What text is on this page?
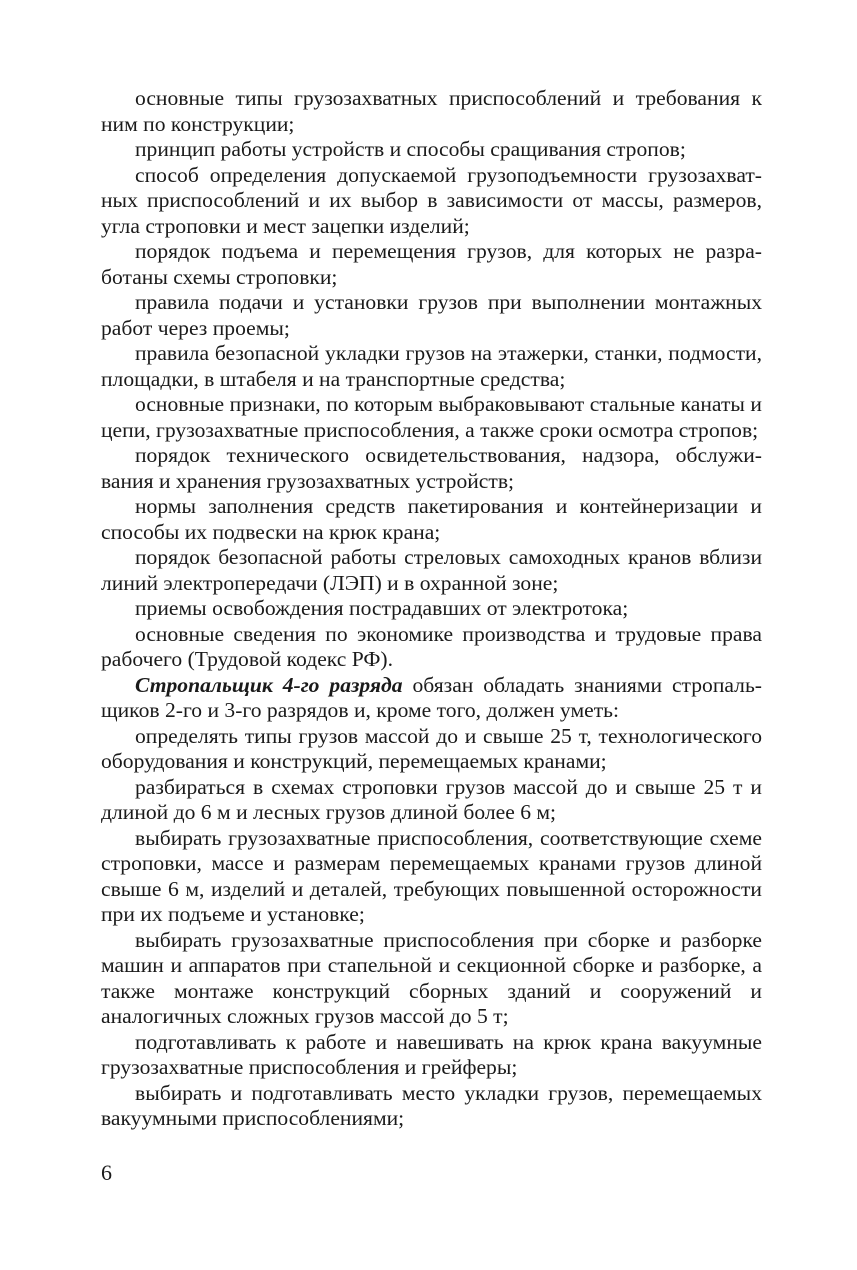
основные типы грузозахватных приспособлений и требования к ним по конструкции;

принцип работы устройств и способы сращивания стропов;

способ определения допускаемой грузоподъемности грузозахватных приспособлений и их выбор в зависимости от массы, размеров, угла строповки и мест зацепки изделий;

порядок подъема и перемещения грузов, для которых не разработаны схемы строповки;

правила подачи и установки грузов при выполнении монтажных работ через проемы;

правила безопасной укладки грузов на этажерки, станки, подмости, площадки, в штабеля и на транспортные средства;

основные признаки, по которым выбраковывают стальные канаты и цепи, грузозахватные приспособления, а также сроки осмотра стропов;

порядок технического освидетельствования, надзора, обслуживания и хранения грузозахватных устройств;

нормы заполнения средств пакетирования и контейнеризации и способы их подвески на крюк крана;

порядок безопасной работы стреловых самоходных кранов вблизи линий электропередачи (ЛЭП) и в охранной зоне;

приемы освобождения пострадавших от электротока;

основные сведения по экономике производства и трудовые права рабочего (Трудовой кодекс РФ).

Стропальщик 4-го разряда обязан обладать знаниями стропальщиков 2-го и 3-го разрядов и, кроме того, должен уметь:

определять типы грузов массой до и свыше 25 т, технологического оборудования и конструкций, перемещаемых кранами;

разбираться в схемах строповки грузов массой до и свыше 25 т и длиной до 6 м и лесных грузов длиной более 6 м;

выбирать грузозахватные приспособления, соответствующие схеме строповки, массе и размерам перемещаемых кранами грузов длиной свыше 6 м, изделий и деталей, требующих повышенной осторожности при их подъеме и установке;

выбирать грузозахватные приспособления при сборке и разборке машин и аппаратов при стапельной и секционной сборке и разборке, а также монтаже конструкций сборных зданий и сооружений и аналогичных сложных грузов массой до 5 т;

подготавливать к работе и навешивать на крюк крана вакуумные грузозахватные приспособления и грейферы;

выбирать и подготавливать место укладки грузов, перемещаемых вакуумными приспособлениями;

6
